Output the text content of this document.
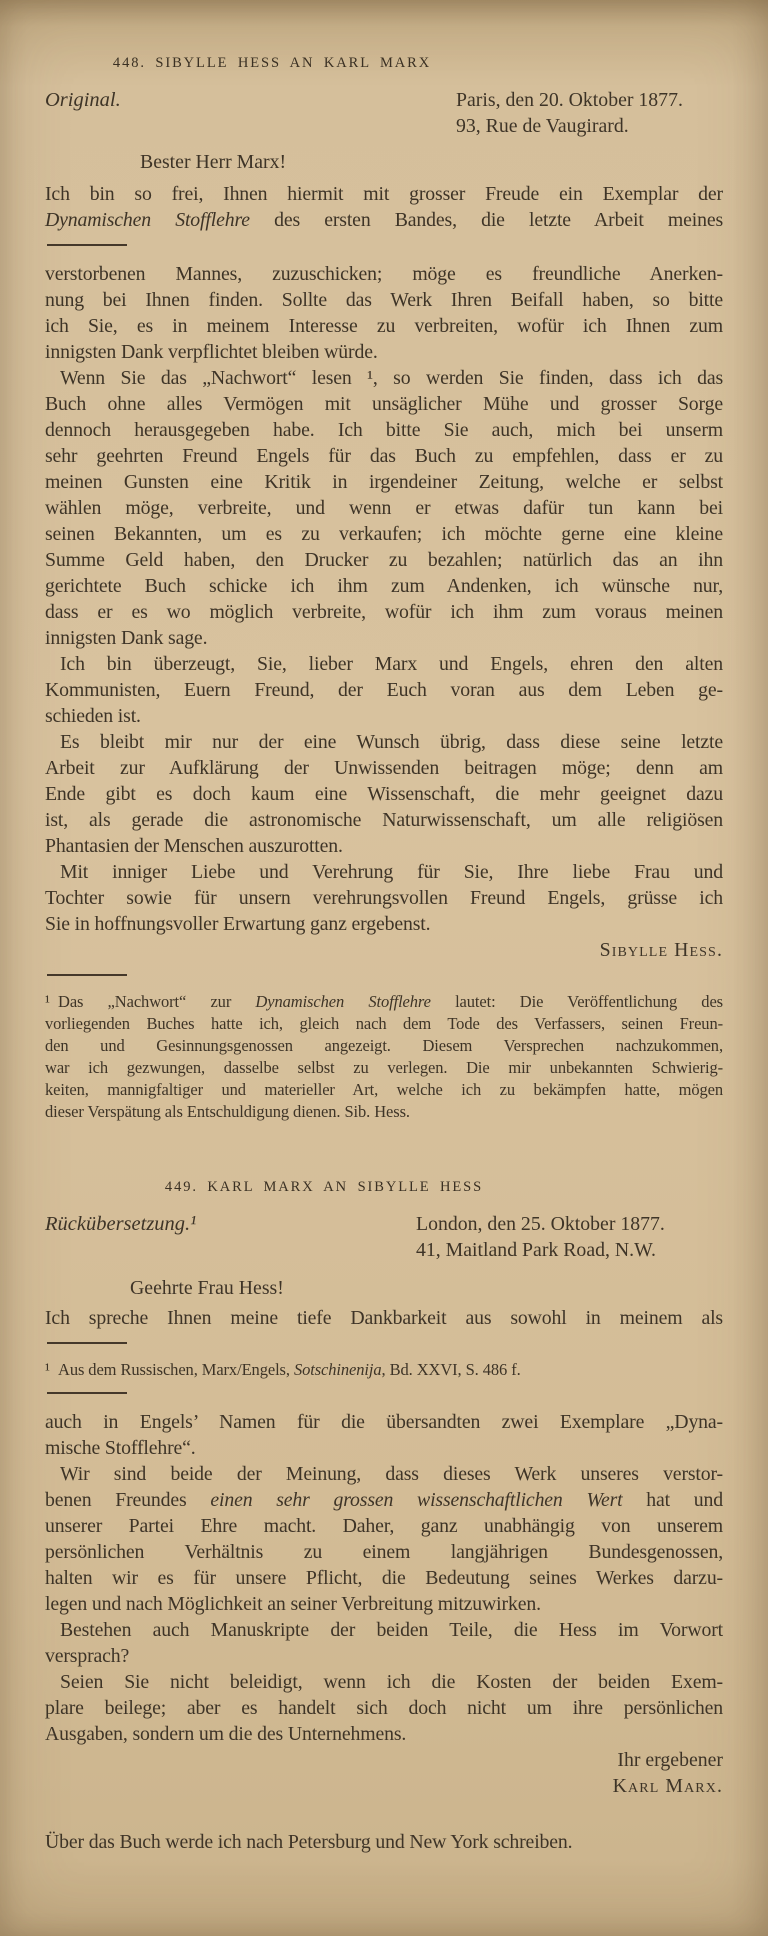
448. SIBYLLE HESS AN KARL MARX
Original.	Paris, den 20. Oktober 1877.
93, Rue de Vaugirard.
Bester Herr Marx!
Ich bin so frei, Ihnen hiermit mit grosser Freude ein Exemplar der
Dynamischen Stofflehre des ersten Bandes, die letzte Arbeit meines
verstorbenen Mannes, zuzuschicken; möge es freundliche Anerken-
nung bei Ihnen finden. Sollte das Werk Ihren Beifall haben, so bitte
ich Sie, es in meinem Interesse zu verbreiten, wofür ich Ihnen zum
innigsten Dank verpflichtet bleiben würde.
Wenn Sie das „Nachwort“ lesen ¹, so werden Sie finden, dass ich das
Buch ohne alles Vermögen mit unsäglicher Mühe und grosser Sorge
dennoch herausgegeben habe. Ich bitte Sie auch, mich bei unserm
sehr geehrten Freund Engels für das Buch zu empfehlen, dass er zu
meinen Gunsten eine Kritik in irgendeiner Zeitung, welche er selbst
wählen möge, verbreite, und wenn er etwas dafür tun kann bei
seinen Bekannten, um es zu verkaufen; ich möchte gerne eine kleine
Summe Geld haben, den Drucker zu bezahlen; natürlich das an ihn
gerichtete Buch schicke ich ihm zum Andenken, ich wünsche nur,
dass er es wo möglich verbreite, wofür ich ihm zum voraus meinen
innigsten Dank sage.
Ich bin überzeugt, Sie, lieber Marx und Engels, ehren den alten
Kommunisten, Euern Freund, der Euch voran aus dem Leben ge-
schieden ist.
Es bleibt mir nur der eine Wunsch übrig, dass diese seine letzte
Arbeit zur Aufklärung der Unwissenden beitragen möge; denn am
Ende gibt es doch kaum eine Wissenschaft, die mehr geeignet dazu
ist, als gerade die astronomische Naturwissenschaft, um alle religiösen
Phantasien der Menschen auszurotten.
Mit inniger Liebe und Verehrung für Sie, Ihre liebe Frau und
Tochter sowie für unsern verehrungsvollen Freund Engels, grüsse ich
Sie in hoffnungsvoller Erwartung ganz ergebenst.
Sibylle Hess.
¹ Das „Nachwort“ zur Dynamischen Stofflehre lautet: Die Veröffentlichung des
vorliegenden Buches hatte ich, gleich nach dem Tode des Verfassers, seinen Freun-
den und Gesinnungsgenossen angezeigt. Diesem Versprechen nachzukommen,
war ich gezwungen, dasselbe selbst zu verlegen. Die mir unbekannten Schwierig-
keiten, mannigfaltiger und materieller Art, welche ich zu bekämpfen hatte, mögen
dieser Verspätung als Entschuldigung dienen. Sib. Hess.
449. KARL MARX AN SIBYLLE HESS
Rückübersetzung.¹	London, den 25. Oktober 1877.
41, Maitland Park Road, N.W.
Geehrte Frau Hess!
Ich spreche Ihnen meine tiefe Dankbarkeit aus sowohl in meinem als
¹ Aus dem Russischen, Marx/Engels, Sotschinenija, Bd. XXVI, S. 486 f.
auch in Engels’ Namen für die übersandten zwei Exemplare „Dyna-
mische Stofflehre“.
Wir sind beide der Meinung, dass dieses Werk unseres verstor-
benen Freundes einen sehr grossen wissenschaftlichen Wert hat und
unserer Partei Ehre macht. Daher, ganz unabhängig von unserem
persönlichen Verhältnis zu einem langjährigen Bundesgenossen,
halten wir es für unsere Pflicht, die Bedeutung seines Werkes darzu-
legen und nach Möglichkeit an seiner Verbreitung mitzuwirken.
Bestehen auch Manuskripte der beiden Teile, die Hess im Vorwort
versprach?
Seien Sie nicht beleidigt, wenn ich die Kosten der beiden Exem-
plare beilege; aber es handelt sich doch nicht um ihre persönlichen
Ausgaben, sondern um die des Unternehmens.
Ihr ergebener
Karl Marx.
Über das Buch werde ich nach Petersburg und New York schreiben.
